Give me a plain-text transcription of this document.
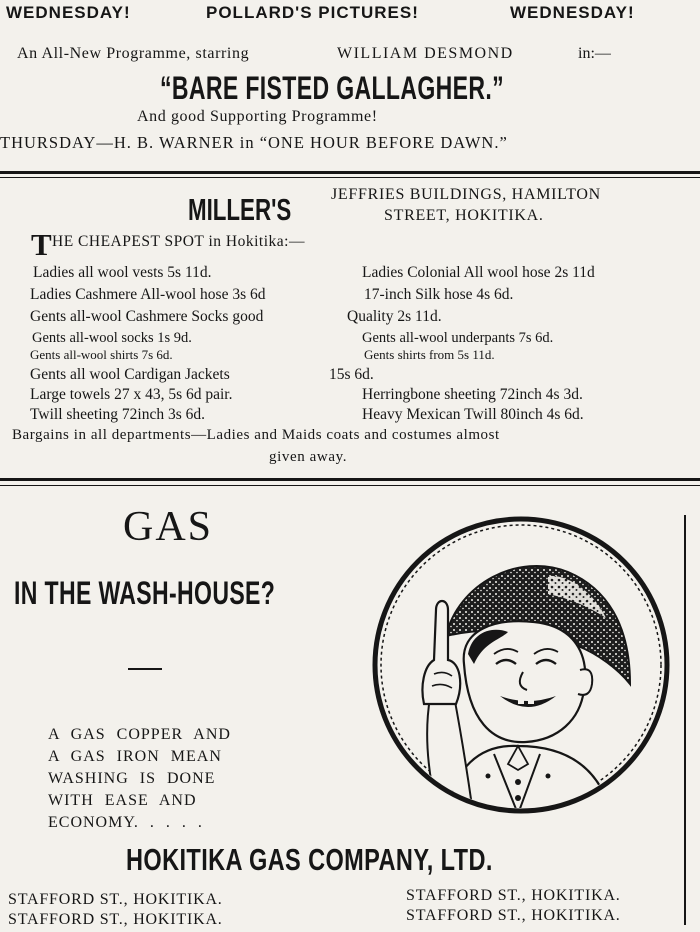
WEDNESDAY!	POLLARD'S PICTURES!	WEDNESDAY!
An All-New Programme, starring	WILLIAM DESMOND	in:—
“BARE FISTED GALLAGHER.”
And good Supporting Programme!
THURSDAY—H. B. WARNER in “ONE HOUR BEFORE DAWN.”
MILLER'S JEFFRIES BUILDINGS, HAMILTON
STREET, HOKITIKA.
T HE CHEAPEST SPOT in Hokitika:—
Ladies all wool vests 5s 11d.	Ladies Colonial All wool hose 2s 11d
Ladies Cashmere All-wool hose 3s 6d	17-inch Silk hose 4s 6d.
Gents all-wool Cashmere Socks good	Quality 2s 11d.
Gents all-wool socks 1s 9d.	Gents all-wool underpants 7s 6d.
Gents all-wool shirts 7s 6d.	Gents shirts from 5s 11d.
Gents all wool Cardigan Jackets	15s 6d.
Large towels 27 x 43, 5s 6d pair.	Herringbone sheeting 72inch 4s 3d.
Twill sheeting 72inch 3s 6d.	Heavy Mexican Twill 80inch 4s 6d.
Bargains in all departments—Ladies and Maids coats and costumes almost
given away.
GAS
IN THE WASH-HOUSE?
A GAS COPPER AND
A GAS IRON MEAN
WASHING IS DONE
WITH EASE AND
ECONOMY. . . . .
HOKITIKA GAS COMPANY, LTD.
STAFFORD ST., HOKITIKA.
STAFFORD ST., HOKITIKA.
STAFFORD ST., HOKITIKA.
STAFFORD ST., HOKITIKA.
